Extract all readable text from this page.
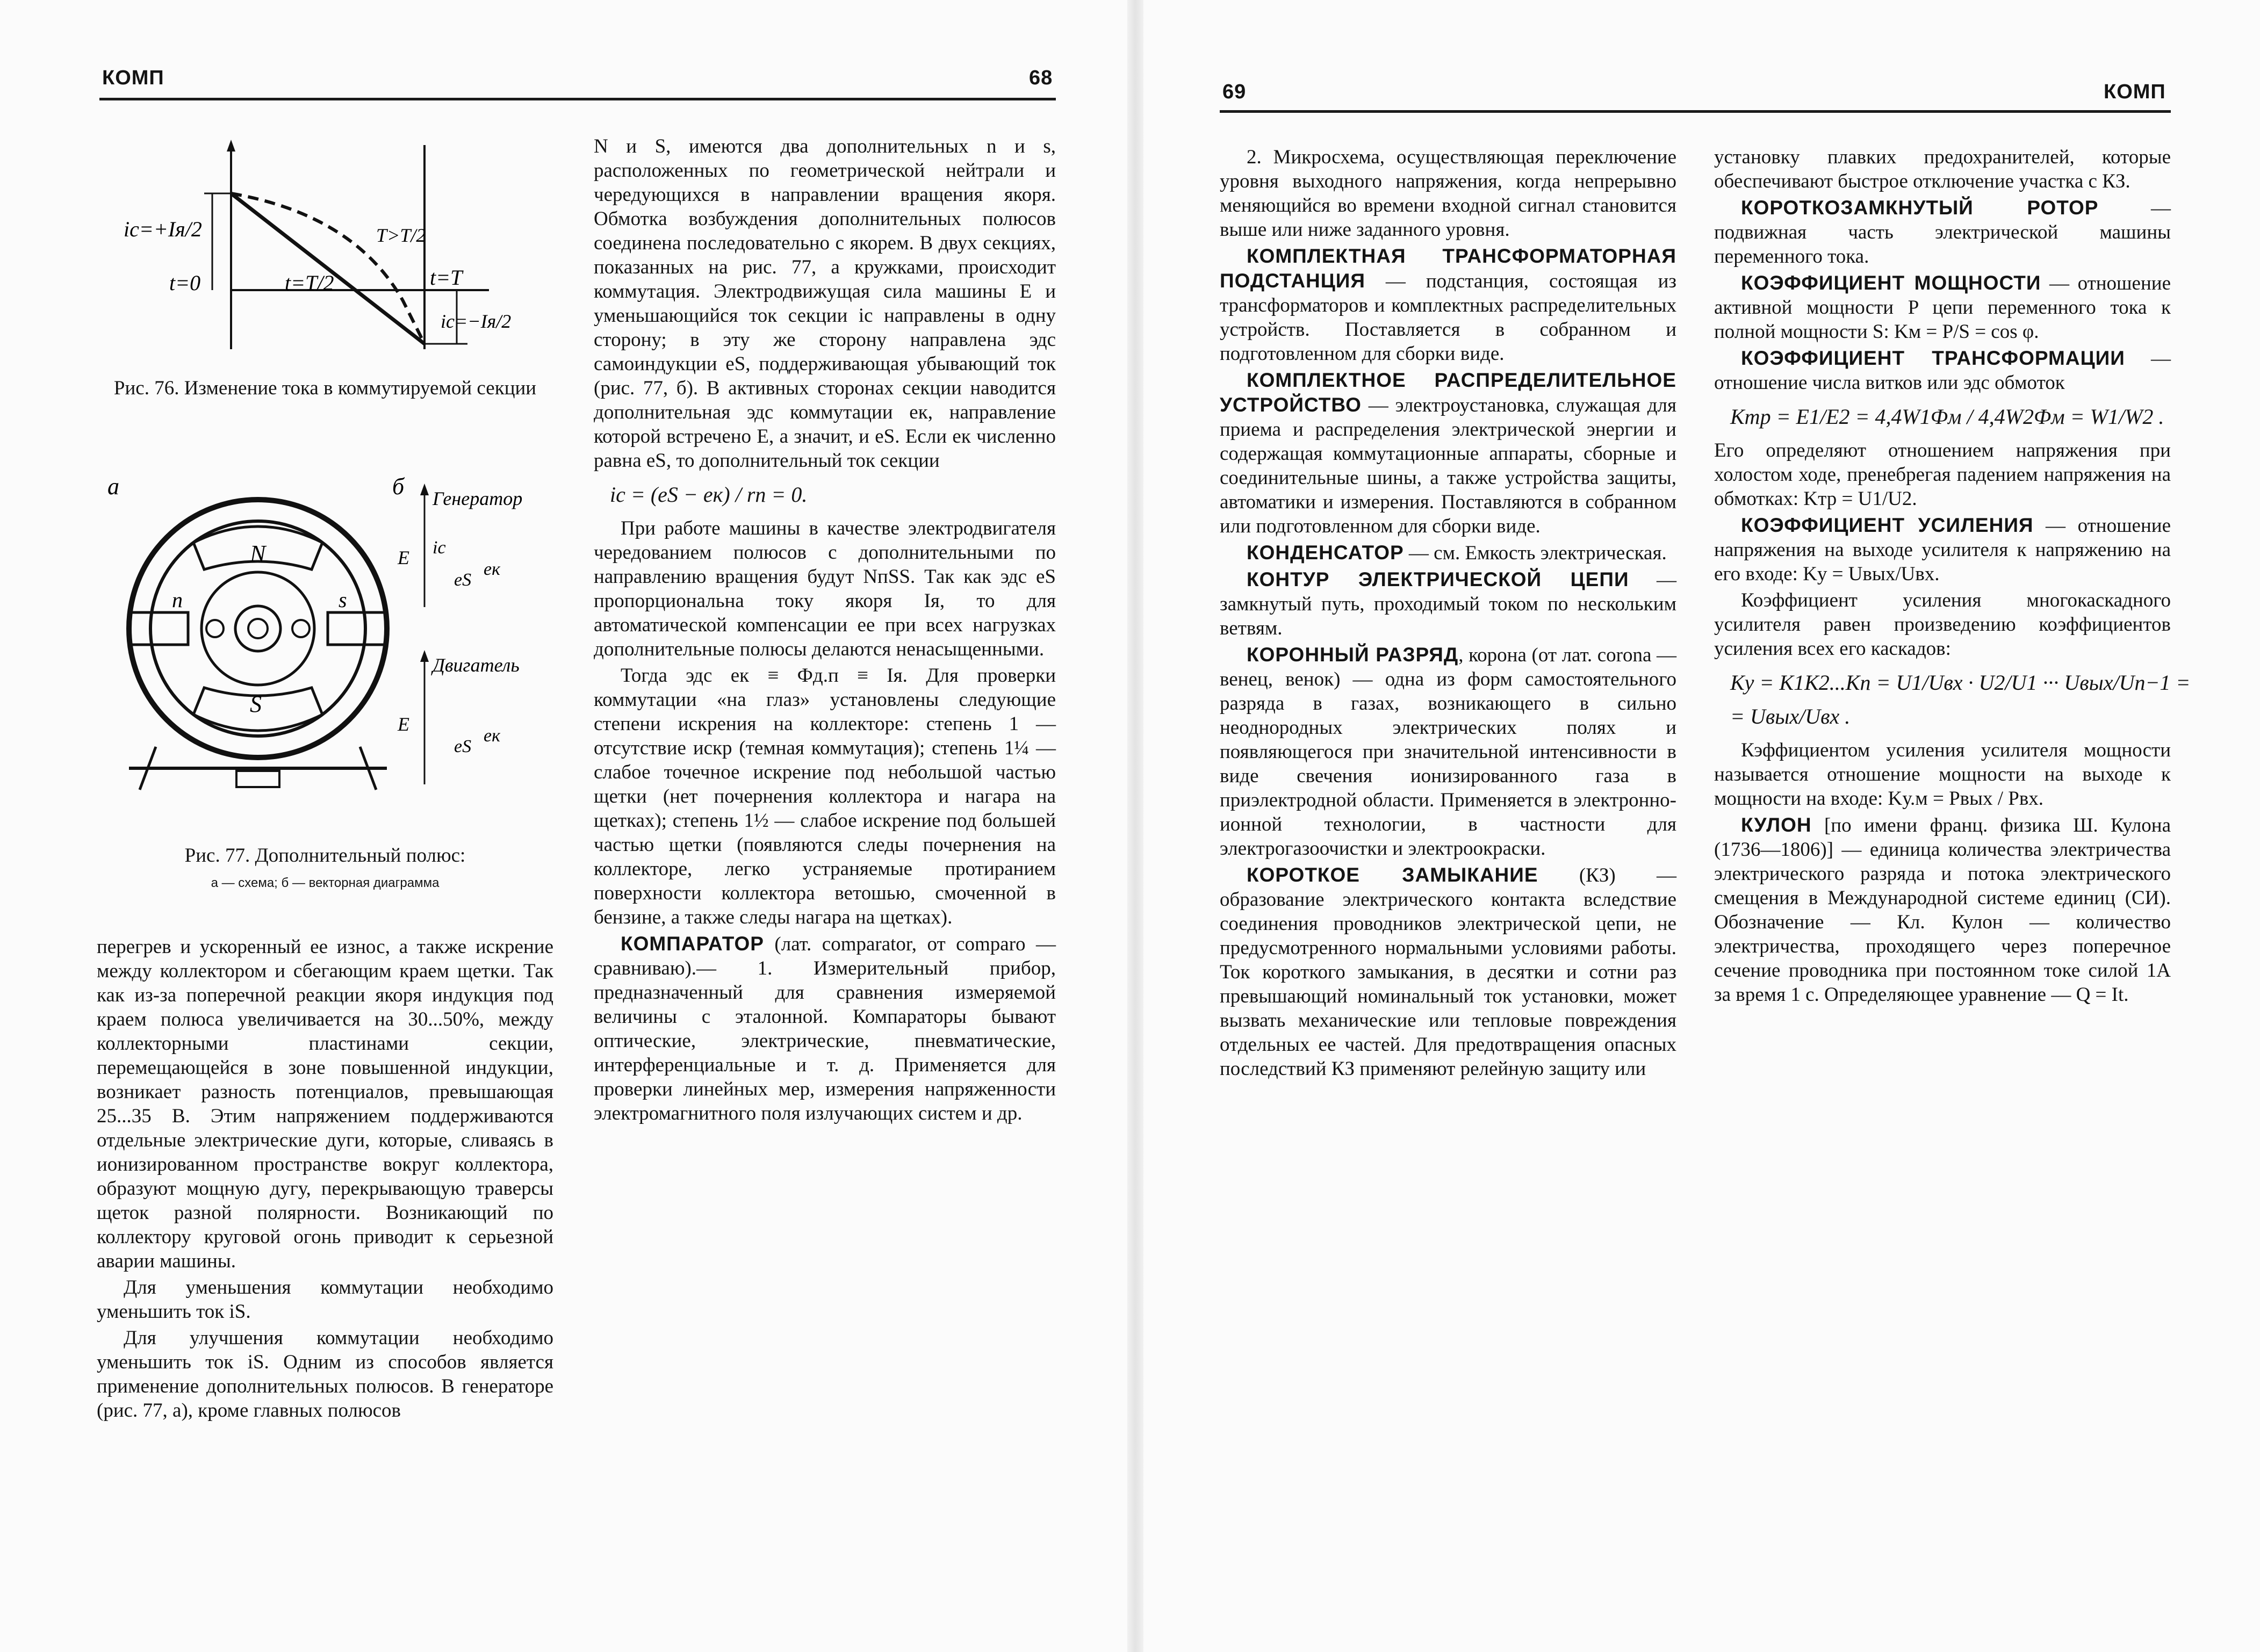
КОМП	68
iс=+Iя/2
t=0	t=T/2	t=T
iс=−Iя/2
T>T/2
Рис. 76. Изменение тока в коммутируемой секции
а	б
N
S
n	s
Генератор
E iс
eS
eк
Двигатель
E
eS
eк
Рис. 77. Дополнительный полюс:
а — схема; б — векторная диаграмма

перегрев и ускоренный ее износ, а также искрение между коллектором и сбегающим краем щетки. Так как из-за поперечной реакции якоря индукция под краем полюса увеличивается на 30...50%, между коллекторными пластинами секции, перемещающейся в зоне повышенной индукции, возникает разность потенциалов, превышающая 25...35 В. Этим напряжением поддерживаются отдельные электрические дуги, которые, сливаясь в ионизированном пространстве вокруг коллектора, образуют мощную дугу, перекрывающую траверсы щеток разной полярности. Возникающий по коллектору круговой огонь приводит к серьезной аварии машины.

Для уменьшения коммутации необходимо уменьшить ток iS.

Для улучшения коммутации необходимо уменьшить ток iS. Одним из способов является применение дополнительных полюсов. В генераторе (рис. 77, а), кроме главных полюсов

N и S, имеются два дополнительных n и s, расположенных по геометрической нейтрали и чередующихся в направлении вращения якоря. Обмотка возбуждения дополнительных полюсов соединена последовательно с якорем. В двух секциях, показанных на рис. 77, а кружками, происходит коммутация. Электродвижущая сила машины E и уменьшающийся ток секции iс направлены в одну сторону; в эту же сторону направлена эдс самоиндукции eS, поддерживающая убывающий ток (рис. 77, б). В активных сторонах секции наводится дополнительная эдс коммутации eк, направление которой встречено E, а значит, и eS. Если eк численно равна eS, то дополнительный ток секции

iс = (eS − eк) / rп = 0.

При работе машины в качестве электродвигателя чередованием полюсов с дополнительными по направлению вращения будут NпSS. Так как эдс eS пропорциональна току якоря Iя, то для автоматической компенсации ее при всех нагрузках дополнительные полюсы делаются ненасыщенными.

Тогда эдс eк ≡ Фд.п ≡ Iя. Для проверки коммутации «на глаз» установлены следующие степени искрения на коллекторе: степень 1 — отсутствие искр (темная коммутация); степень 1¼ — слабое точечное искрение под небольшой частью щетки (нет почернения коллектора и нагара на щетках); степень 1½ — слабое искрение под большей частью щетки (появляются следы почернения на коллекторе, легко устраняемые протиранием поверхности коллектора ветошью, смоченной в бензине, а также следы нагара на щетках).

КОМПАРАТОР (лат. comparator, от comparo — сравниваю).— 1. Измерительный прибор, предназначенный для сравнения измеряемой величины с эталонной. Компараторы бывают оптические, электрические, пневматические, интерференциальные и т. д. Применяется для проверки линейных мер, измерения напряженности электромагнитного поля излучающих систем и др.

69	КОМП

2. Микросхема, осуществляющая переключение уровня выходного напряжения, когда непрерывно меняющийся во времени входной сигнал становится выше или ниже заданного уровня.

КОМПЛЕКТНАЯ ТРАНСФОРМАТОРНАЯ ПОДСТАНЦИЯ — подстанция, состоящая из трансформаторов и комплектных распределительных устройств. Поставляется в собранном и подготовленном для сборки виде.

КОМПЛЕКТНОЕ РАСПРЕДЕЛИТЕЛЬНОЕ УСТРОЙСТВО — электроустановка, служащая для приема и распределения электрической энергии и содержащая коммутационные аппараты, сборные и соединительные шины, а также устройства защиты, автоматики и измерения. Поставляются в собранном или подготовленном для сборки виде.

КОНДЕНСАТОР — см. Емкость электрическая.

КОНТУР ЭЛЕКТРИЧЕСКОЙ ЦЕПИ — замкнутый путь, проходимый током по нескольким ветвям.

КОРОННЫЙ РАЗРЯД, корона (от лат. corona — венец, венок) — одна из форм самостоятельного разряда в газах, возникающего в сильно неоднородных электрических полях и появляющегося при значительной интенсивности в виде свечения ионизированного газа в приэлектродной области. Применяется в электронно-ионной технологии, в частности для электрогазоочистки и электроокраски.

КОРОТКОЕ ЗАМЫКАНИЕ (КЗ) — образование электрического контакта вследствие соединения проводников электрической цепи, не предусмотренного нормальными условиями работы. Ток короткого замыкания, в десятки и сотни раз превышающий номинальный ток установки, может вызвать механические или тепловые повреждения отдельных ее частей. Для предотвращения опасных последствий КЗ применяют релейную защиту или

установку плавких предохранителей, которые обеспечивают быстрое отключение участка с КЗ.

КОРОТКОЗАМКНУТЫЙ РОТОР — подвижная часть электрической машины переменного тока.

КОЭФФИЦИЕНТ МОЩНОСТИ — отношение активной мощности P цепи переменного тока к полной мощности S: Kм = P/S = cos φ.

КОЭФФИЦИЕНТ ТРАНСФОРМАЦИИ — отношение числа витков или эдс обмоток

Kтр = E1/E2 = 4,4W1Фм / 4,4W2Фм = W1/W2 .

Его определяют отношением напряжения при холостом ходе, пренебрегая падением напряжения на обмотках: Kтр = U1/U2.

КОЭФФИЦИЕНТ УСИЛЕНИЯ — отношение напряжения на выходе усилителя к напряжению на его входе: Kу = Uвых/Uвх.

Коэффициент усиления многокаскадного усилителя равен произведению коэффициентов усиления всех его каскадов:

Kу = K1K2...Kn = U1/Uвх · U2/U1 ··· Uвых/Un−1 =
= Uвых/Uвх .

Кэффициентом усиления усилителя мощности называется отношение мощности на выходе к мощности на входе: Kу.м = Pвых / Pвх.

КУЛОН [по имени франц. физика Ш. Кулона (1736—1806)] — единица количества электричества электрического разряда и потока электрического смещения в Международной системе единиц (СИ). Обозначение — Кл. Кулон — количество электричества, проходящего через поперечное сечение проводника при постоянном токе силой 1А за время 1 с. Определяющее уравнение — Q = It.
